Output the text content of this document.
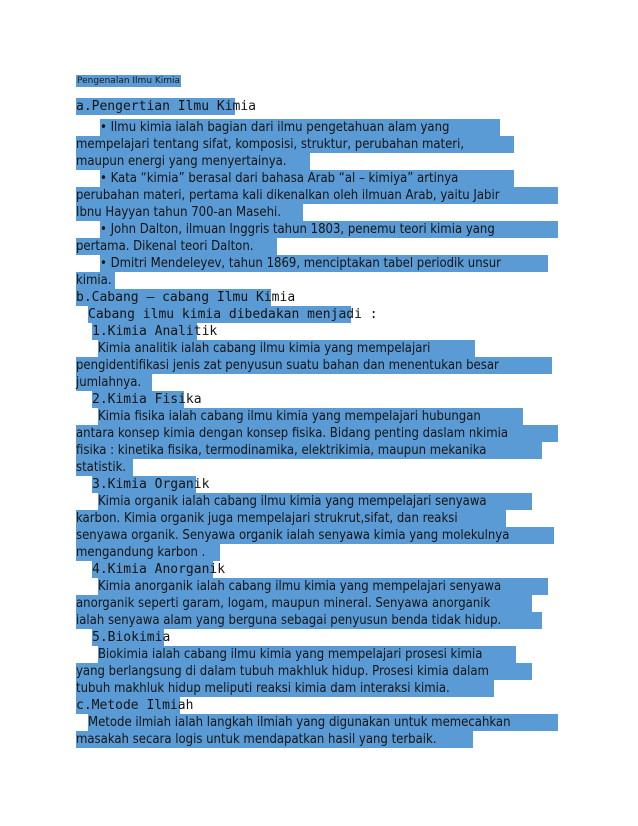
Pengenalan Ilmu Kimia
a.Pengertian Ilmu Kimia
• Ilmu kimia ialah bagian dari ilmu pengetahuan alam yang
mempelajari tentang sifat, komposisi, struktur, perubahan materi,
maupun energi yang menyertainya.
• Kata “kimia” berasal dari bahasa Arab “al – kimiya” artinya
perubahan materi, pertama kali dikenalkan oleh ilmuan Arab, yaitu Jabir
Ibnu Hayyan tahun 700-an Masehi.
• John Dalton, ilmuan Inggris tahun 1803, penemu teori kimia yang
pertama. Dikenal teori Dalton.
• Dmitri Mendeleyev, tahun 1869, menciptakan tabel periodik unsur
kimia.
b.Cabang – cabang Ilmu Kimia
Cabang ilmu kimia dibedakan menjadi :
1.Kimia Analitik
Kimia analitik ialah cabang ilmu kimia yang mempelajari
pengidentifikasi jenis zat penyusun suatu bahan dan menentukan besar
jumlahnya.
2.Kimia Fisika
Kimia fisika ialah cabang ilmu kimia yang mempelajari hubungan
antara konsep kimia dengan konsep fisika. Bidang penting daslam nkimia
fisika : kinetika fisika, termodinamika, elektrikimia, maupun mekanika
statistik.
3.Kimia Organik
Kimia organik ialah cabang ilmu kimia yang mempelajari senyawa
karbon. Kimia organik juga mempelajari strukrut,sifat, dan reaksi
senyawa organik. Senyawa organik ialah senyawa kimia yang molekulnya
mengandung karbon .
4.Kimia Anorganik
Kimia anorganik ialah cabang ilmu kimia yang mempelajari senyawa
anorganik seperti garam, logam, maupun mineral. Senyawa anorganik
ialah senyawa alam yang berguna sebagai penyusun benda tidak hidup.
5.Biokimia
Biokimia ialah cabang ilmu kimia yang mempelajari prosesi kimia
yang berlangsung di dalam tubuh makhluk hidup. Prosesi kimia dalam
tubuh makhluk hidup meliputi reaksi kimia dam interaksi kimia.
c.Metode Ilmiah
Metode ilmiah ialah langkah ilmiah yang digunakan untuk memecahkan
masakah secara logis untuk mendapatkan hasil yang terbaik.
